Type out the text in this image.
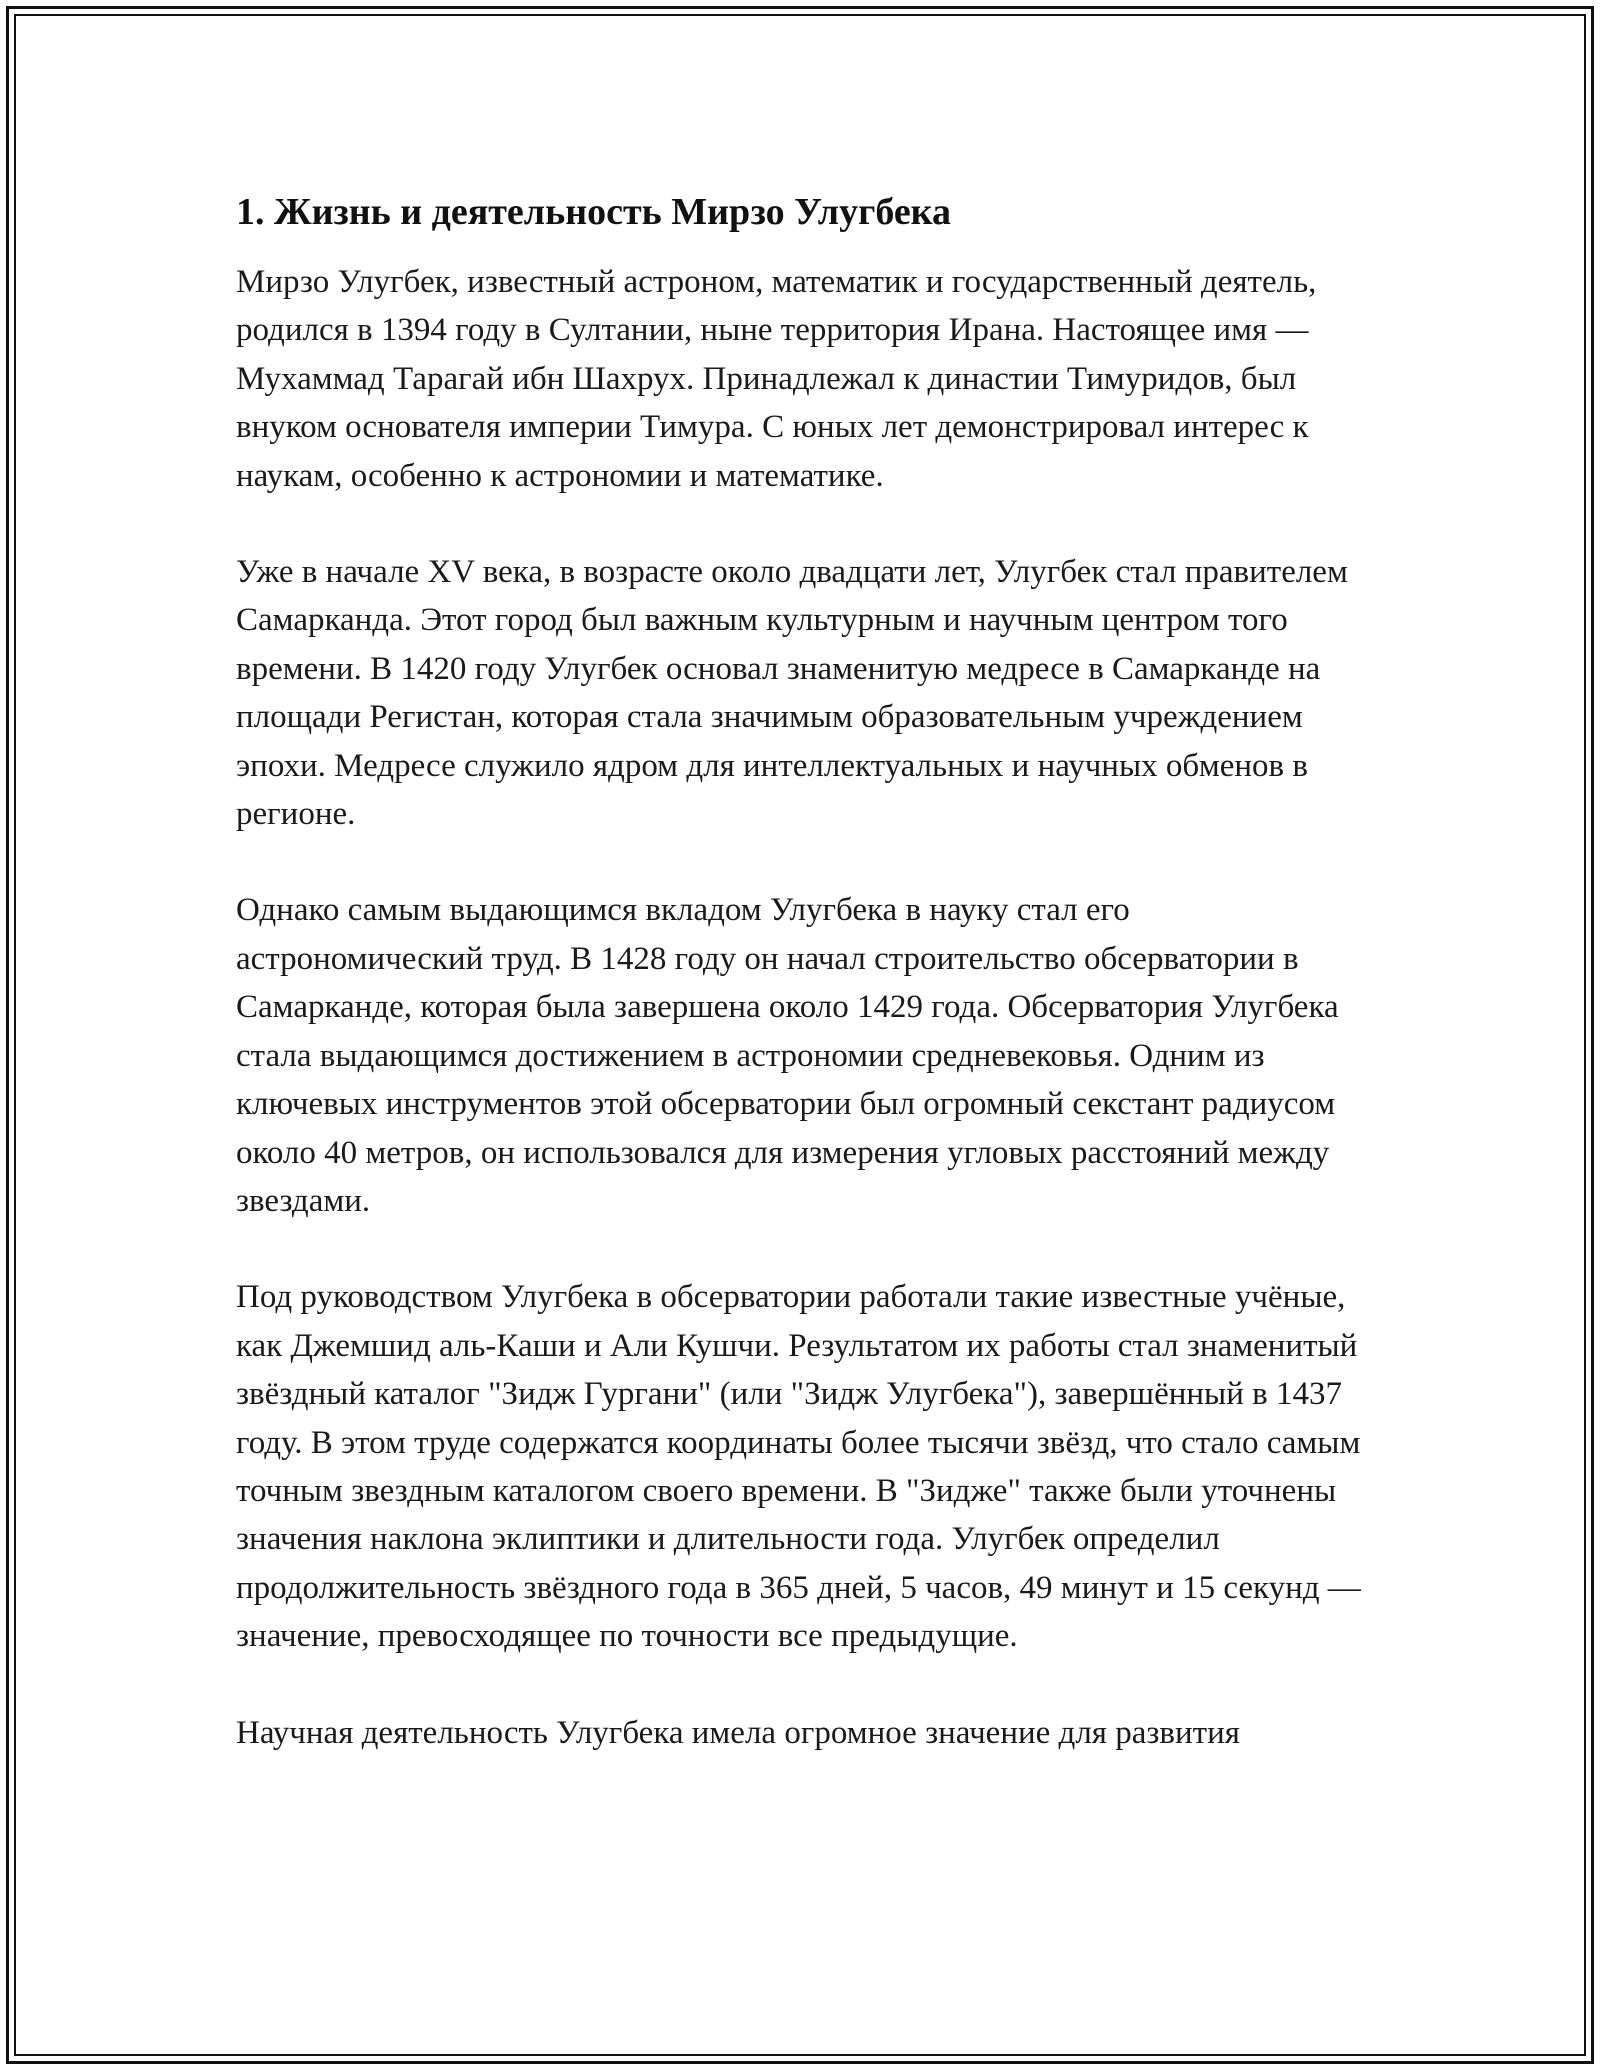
1. Жизнь и деятельность Мирзо Улугбека

Мирзо Улугбек, известный астроном, математик и государственный деятель, родился в 1394 году в Султании, ныне территория Ирана. Настоящее имя — Мухаммад Тарагай ибн Шахрух. Принадлежал к династии Тимуридов, был внуком основателя империи Тимура. С юных лет демонстрировал интерес к наукам, особенно к астрономии и математике.

Уже в начале XV века, в возрасте около двадцати лет, Улугбек стал правителем Самарканда. Этот город был важным культурным и научным центром того времени. В 1420 году Улугбек основал знаменитую медресе в Самарканде на площади Регистан, которая стала значимым образовательным учреждением эпохи. Медресе служило ядром для интеллектуальных и научных обменов в регионе.

Однако самым выдающимся вкладом Улугбека в науку стал его астрономический труд. В 1428 году он начал строительство обсерватории в Самарканде, которая была завершена около 1429 года. Обсерватория Улугбека стала выдающимся достижением в астрономии средневековья. Одним из ключевых инструментов этой обсерватории был огромный секстант радиусом около 40 метров, он использовался для измерения угловых расстояний между звездами.

Под руководством Улугбека в обсерватории работали такие известные учёные, как Джемшид аль-Каши и Али Кушчи. Результатом их работы стал знаменитый звёздный каталог "Зидж Гургани" (или "Зидж Улугбека"), завершённый в 1437 году. В этом труде содержатся координаты более тысячи звёзд, что стало самым точным звездным каталогом своего времени. В "Зидже" также были уточнены значения наклона эклиптики и длительности года. Улугбек определил продолжительность звёздного года в 365 дней, 5 часов, 49 минут и 15 секунд — значение, превосходящее по точности все предыдущие.

Научная деятельность Улугбека имела огромное значение для развития
